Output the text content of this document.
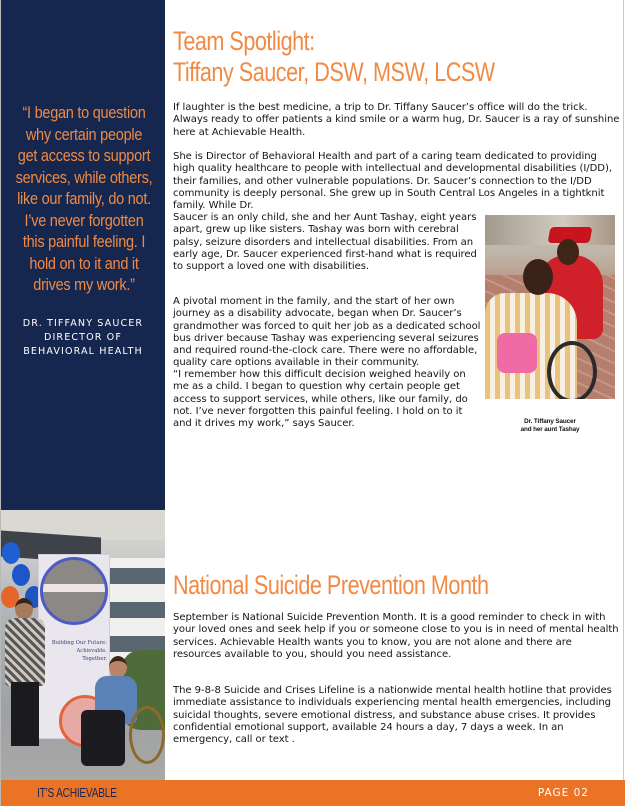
“I began to question why certain people get access to support services, while others, like our family, do not. I’ve never forgotten this painful feeling. I hold on to it and it drives my work.”
DR. TIFFANY SAUCER
DIRECTOR OF
BEHAVIORAL HEALTH
Building Our Future:
Achievable.
Together.
Team Spotlight:
Tiffany Saucer, DSW, MSW, LCSW
If laughter is the best medicine, a trip to Dr. Tiffany Saucer’s office will do the trick. Always ready to offer patients a kind smile or a warm hug, Dr. Saucer is a ray of sunshine here at Achievable Health.
She is Director of Behavioral Health and part of a caring team dedicated to providing high quality healthcare to people with intellectual and developmental disabilities (I/DD), their families, and other vulnerable populations. Dr. Saucer’s connection to the I/DD community is deeply personal. She grew up in South Central Los Angeles in a tightknit family. While Dr.
Saucer is an only child, she and her Aunt Tashay, eight years apart, grew up like sisters. Tashay was born with cerebral palsy, seizure disorders and intellectual disabilities. From an early age, Dr. Saucer experienced first-hand what is required to support a loved one with disabilities.
Dr. Tiffany Saucer
and her aunt Tashay
A pivotal moment in the family, and the start of her own journey as a disability advocate, began when Dr. Saucer’s grandmother was forced to quit her job as a dedicated school bus driver because Tashay was experiencing several seizures and required round-the-clock care. There were no affordable, quality care options available in their community.
“I remember how this difficult decision weighed heavily on me as a child. I began to question why certain people get access to support services, while others, like our family, do not. I’ve never forgotten this painful feeling. I hold on to it and it drives my work,” says Saucer.
National Suicide Prevention Month
September is National Suicide Prevention Month. It is a good reminder to check in with your loved ones and seek help if you or someone close to you is in need of mental health services. Achievable Health wants you to know, you are not alone and there are resources available to you, should you need assistance.
The 9-8-8 Suicide and Crises Lifeline is a nationwide mental health hotline that provides immediate assistance to individuals experiencing mental health emergencies, including suicidal thoughts, severe emotional distress, and substance abuse crises. It provides confidential emotional support, available 24 hours a day, 7 days a week. In an emergency, call or text .
IT’S ACHIEVABLE	PAGE 02
